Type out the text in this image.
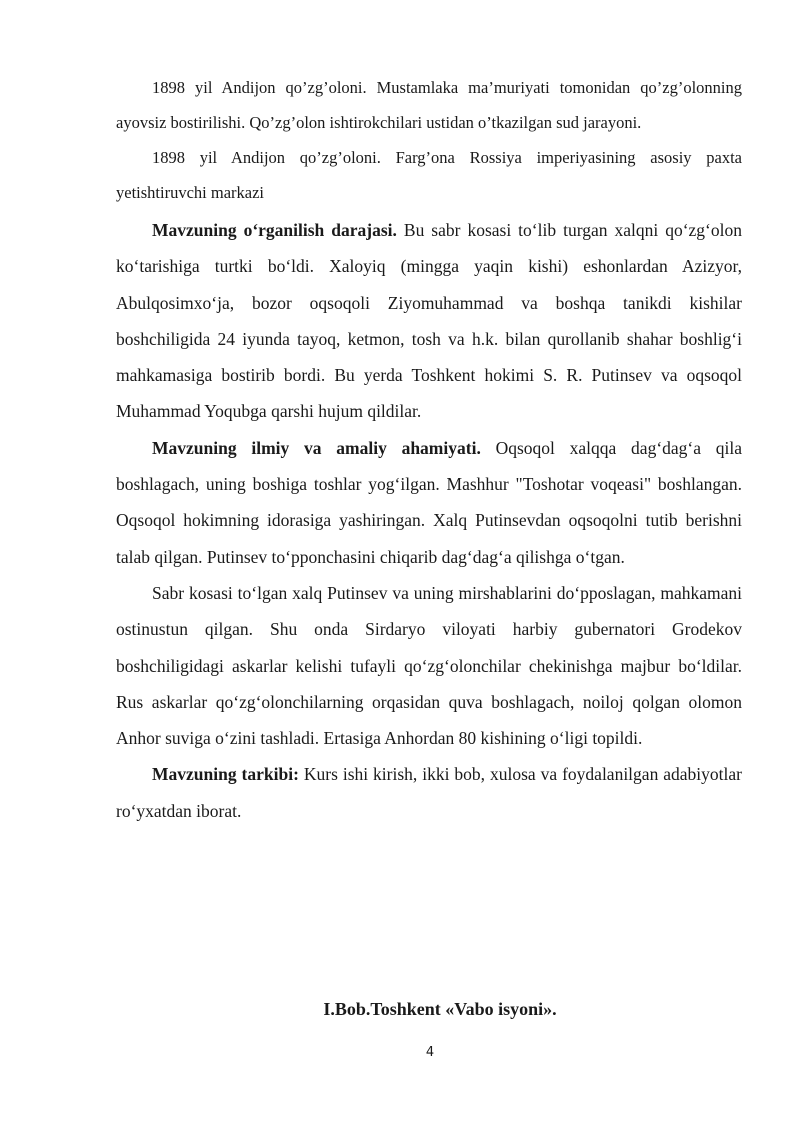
1898 yil Andijon qo’zg’oloni. Mustamlaka ma’muriyati tomonidan qo’zg’olonning ayovsiz bostirilishi. Qo’zg’olon ishtirokchilari ustidan o’tkazilgan sud jarayoni.

1898 yil Andijon qo’zg’oloni. Farg’ona Rossiya imperiyasining asosiy paxta yetishtiruvchi markazi

Mavzuning o‘rganilish darajasi. Bu sabr kosasi to‘lib turgan xalqni qo‘zg‘olon ko‘tarishiga turtki bo‘ldi. Xaloyiq (mingga yaqin kishi) eshonlardan Azizyor, Abulqosimxo‘ja, bozor oqsoqoli Ziyomuhammad va boshqa tanikdi kishilar boshchiligida 24 iyunda tayoq, ketmon, tosh va h.k. bilan qurollanib shahar boshlig‘i mahkamasiga bostirib bordi. Bu yerda Toshkent hokimi S. R. Putinsev va oqsoqol Muhammad Yoqubga qarshi hujum qildilar.

Mavzuning ilmiy va amaliy ahamiyati. Oqsoqol xalqqa dag‘dag‘a qila boshlagach, uning boshiga toshlar yog‘ilgan. Mashhur "Toshotar voqeasi" boshlangan. Oqsoqol hokimning idorasiga yashiringan. Xalq Putinsevdan oqsoqolni tutib berishni talab qilgan. Putinsev to‘pponchasini chiqarib dag‘dag‘a qilishga o‘tgan.

Sabr kosasi to‘lgan xalq Putinsev va uning mirshablarini do‘pposlagan, mahkamani ostinustun qilgan. Shu onda Sirdaryo viloyati harbiy gubernatori Grodekov boshchiligidagi askarlar kelishi tufayli qo‘zg‘olonchilar chekinishga majbur bo‘ldilar. Rus askarlar qo‘zg‘olonchilarning orqasidan quva boshlagach, noiloj qolgan olomon Anhor suviga o‘zini tashladi. Ertasiga Anhordan 80 kishining o‘ligi topildi.

Mavzuning tarkibi: Kurs ishi kirish, ikki bob, xulosa va foydalanilgan adabiyotlar ro‘yxatdan iborat.

I.Bob.Toshkent «Vabo isyoni».
4
